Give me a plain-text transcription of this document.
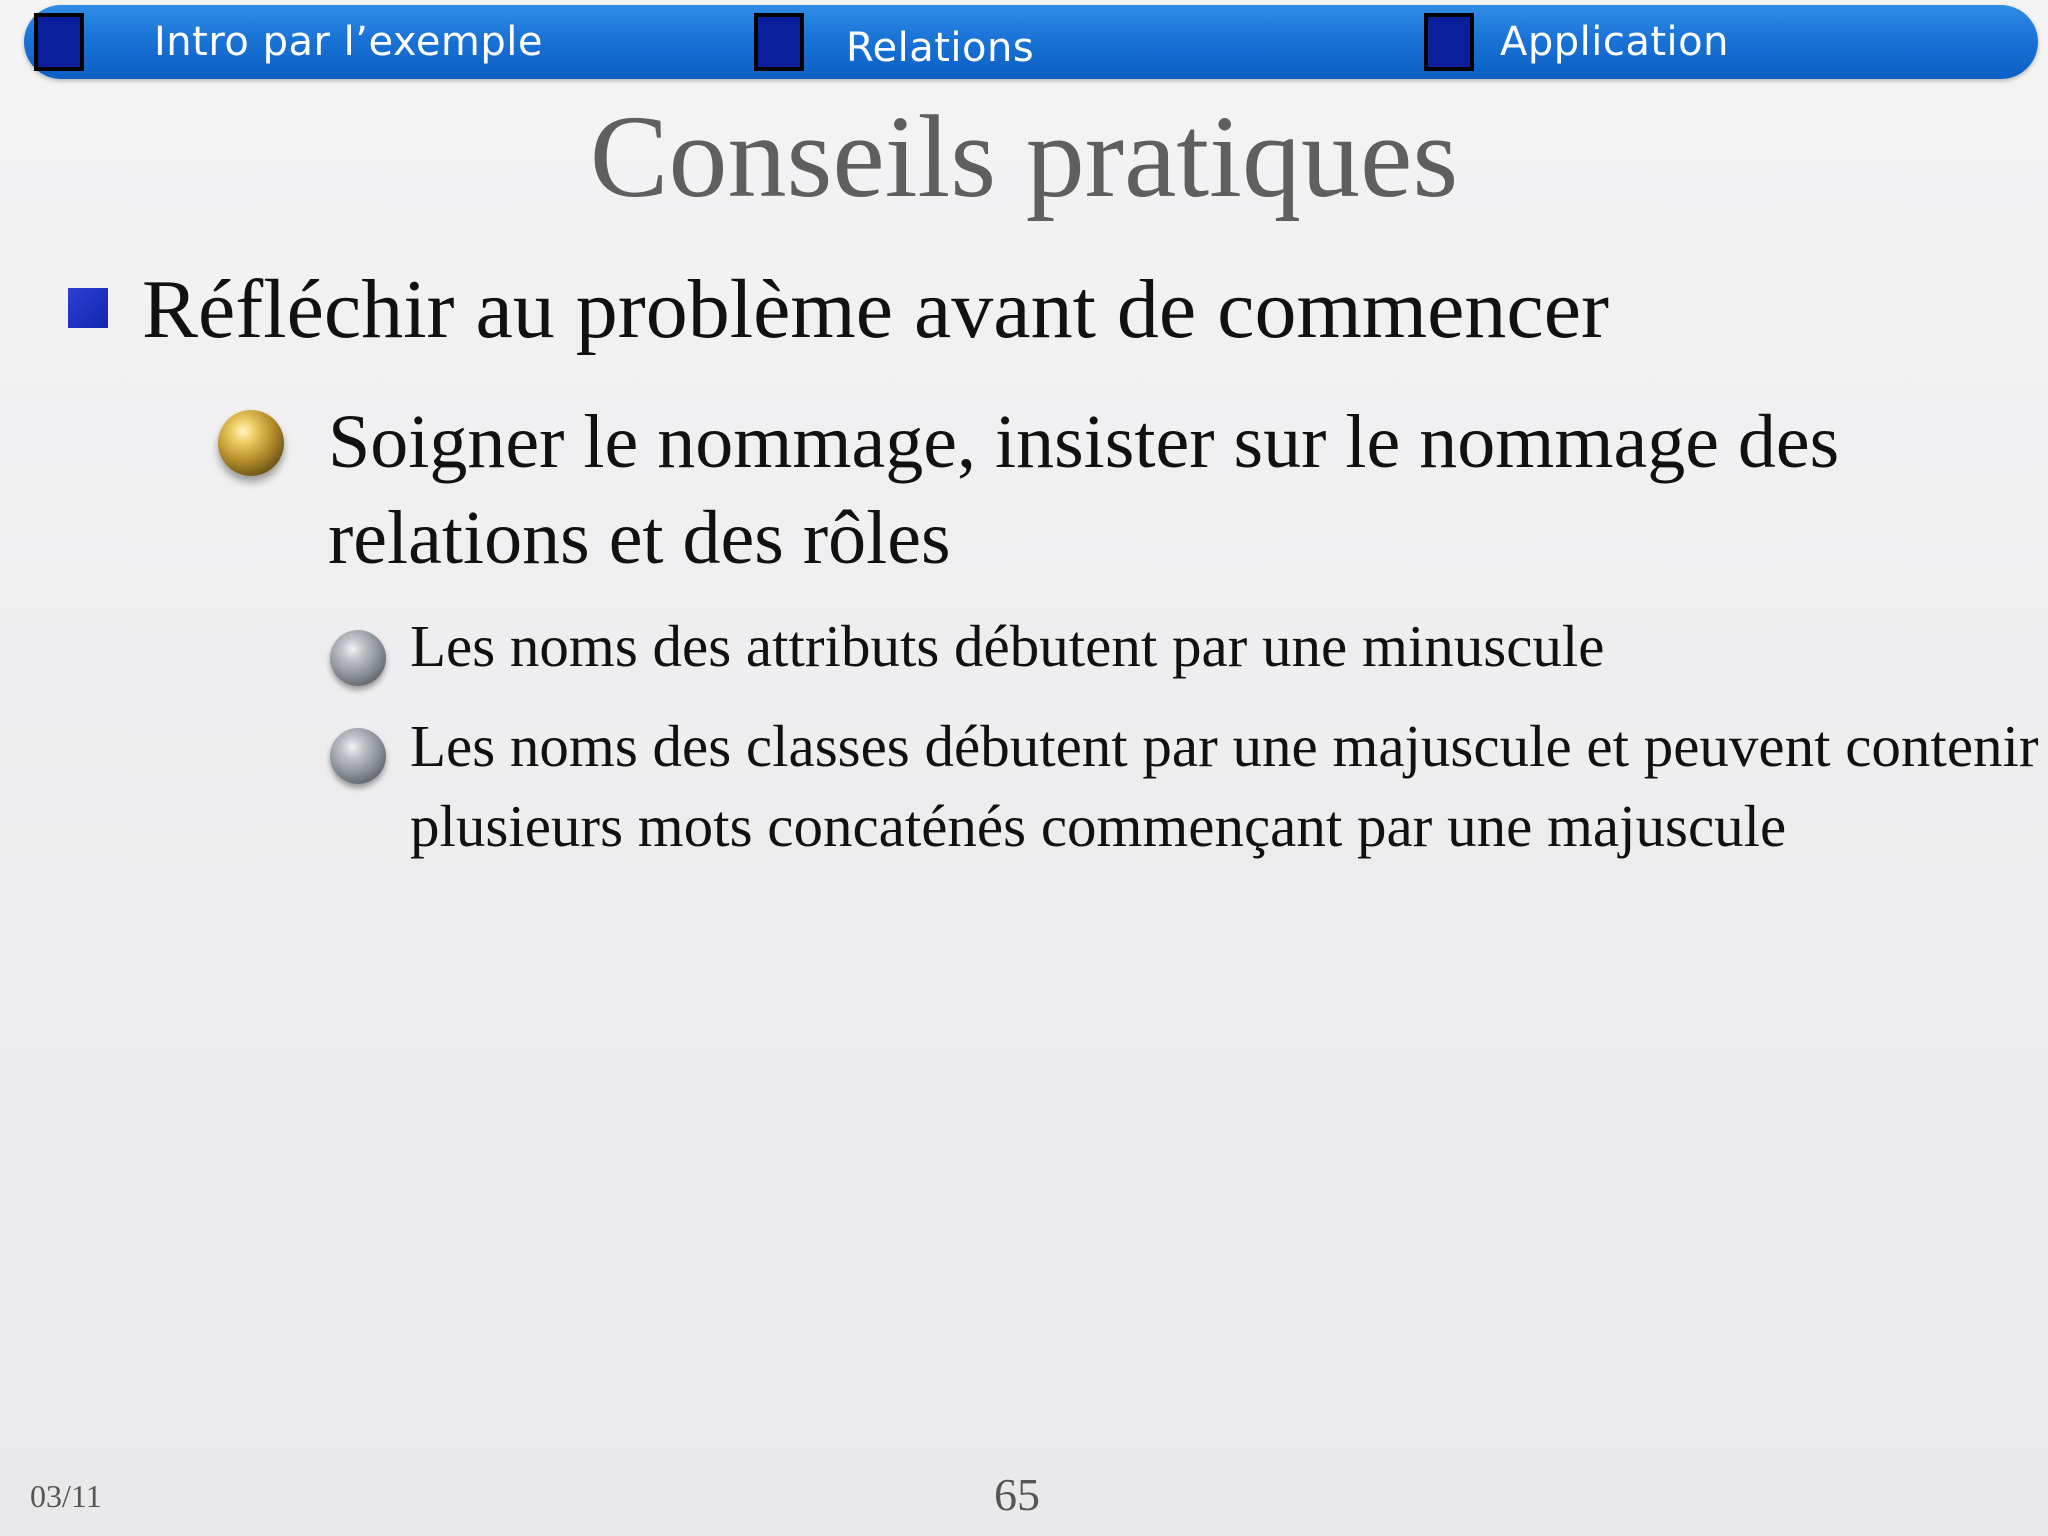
Intro par l’exemple	Relations	Application
Conseils pratiques
Réfléchir au problème avant de commencer
Soigner le nommage, insister sur le nommage des relations et des rôles
Les noms des attributs débutent par une minuscule
Les noms des classes débutent par une majuscule et peuvent contenir plusieurs mots concaténés commençant par une majuscule
03/11	65
